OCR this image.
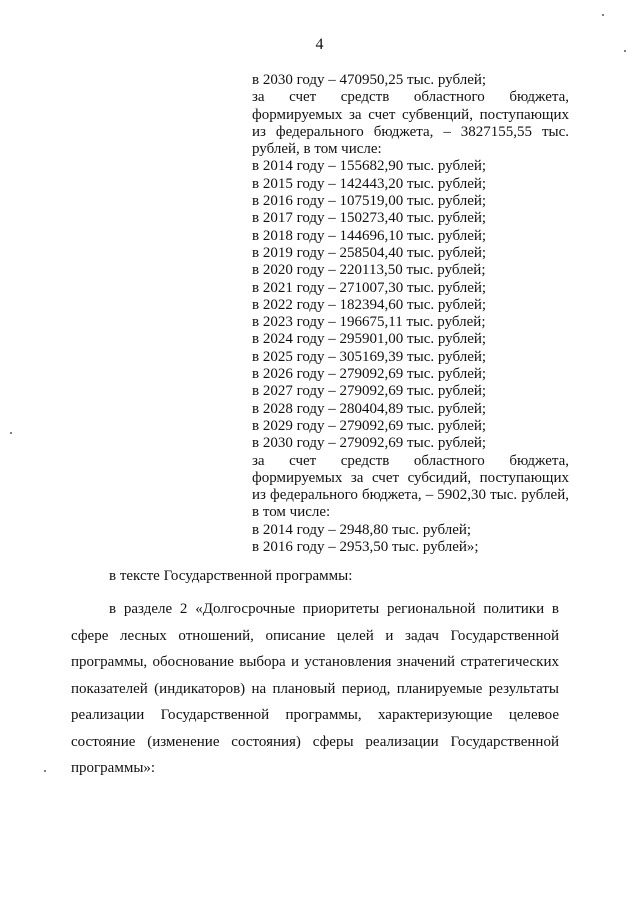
4
в 2030 году – 470950,25 тыс. рублей;
за счет средств областного бюджета,
формируемых за счет субвенций, поступающих
из федерального бюджета, – 3827155,55 тыс.
рублей, в том числе:
в 2014 году – 155682,90 тыс. рублей;
в 2015 году – 142443,20 тыс. рублей;
в 2016 году – 107519,00 тыс. рублей;
в 2017 году – 150273,40 тыс. рублей;
в 2018 году – 144696,10 тыс. рублей;
в 2019 году – 258504,40 тыс. рублей;
в 2020 году – 220113,50 тыс. рублей;
в 2021 году – 271007,30 тыс. рублей;
в 2022 году – 182394,60 тыс. рублей;
в 2023 году – 196675,11 тыс. рублей;
в 2024 году – 295901,00 тыс. рублей;
в 2025 году – 305169,39 тыс. рублей;
в 2026 году – 279092,69 тыс. рублей;
в 2027 году – 279092,69 тыс. рублей;
в 2028 году – 280404,89 тыс. рублей;
в 2029 году – 279092,69 тыс. рублей;
в 2030 году – 279092,69 тыс. рублей;
за счет средств областного бюджета,
формируемых за счет субсидий, поступающих
из федерального бюджета, – 5902,30 тыс. рублей,
в том числе:
в 2014 году – 2948,80 тыс. рублей;
в 2016 году – 2953,50 тыс. рублей»;
в тексте Государственной программы:
в разделе 2 «Долгосрочные приоритеты региональной политики в сфере лесных отношений, описание целей и задач Государственной программы, обоснование выбора и установления значений стратегических показателей (индикаторов) на плановый период, планируемые результаты реализации Государственной программы, характеризующие целевое состояние (изменение состояния) сферы реализации Государственной программы»:
